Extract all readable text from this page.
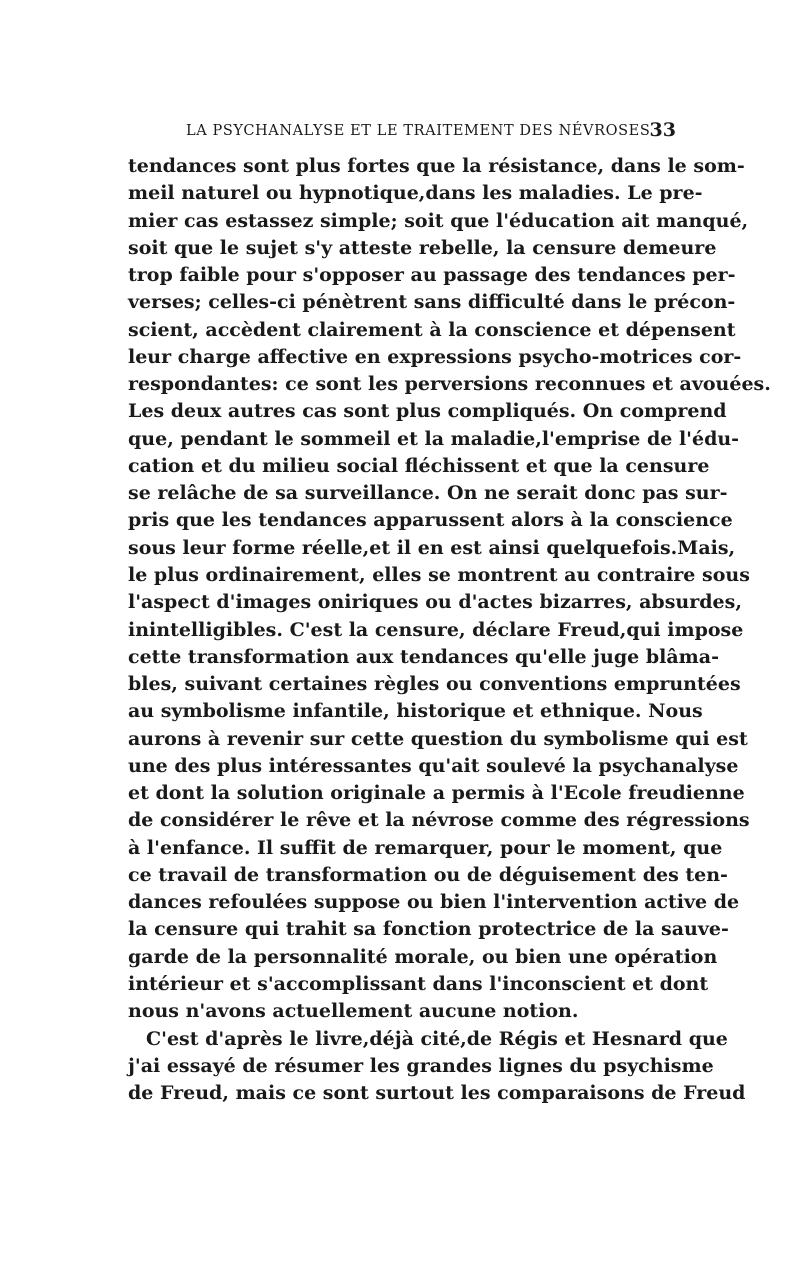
LA PSYCHANALYSE ET LE TRAITEMENT DES NÉVROSES 33
tendances sont plus fortes que la résistance, dans le som-
meil naturel ou hypnotique,dans les maladies. Le pre-
mier cas estassez simple; soit que l'éducation ait manqué,
soit que le sujet s'y atteste rebelle, la censure demeure
trop faible pour s'opposer au passage des tendances per-
verses; celles-ci pénètrent sans difficulté dans le précon-
scient, accèdent clairement à la conscience et dépensent
leur charge affective en expressions psycho-motrices cor-
respondantes: ce sont les perversions reconnues et avouées.
Les deux autres cas sont plus compliqués. On comprend
que, pendant le sommeil et la maladie,l'emprise de l'édu-
cation et du milieu social fléchissent et que la censure
se relâche de sa surveillance. On ne serait donc pas sur-
pris que les tendances apparussent alors à la conscience
sous leur forme réelle,et il en est ainsi quelquefois.Mais,
le plus ordinairement, elles se montrent au contraire sous
l'aspect d'images oniriques ou d'actes bizarres, absurdes,
inintelligibles. C'est la censure, déclare Freud,qui impose
cette transformation aux tendances qu'elle juge blâma-
bles, suivant certaines règles ou conventions empruntées
au symbolisme infantile, historique et ethnique. Nous
aurons à revenir sur cette question du symbolisme qui est
une des plus intéressantes qu'ait soulevé la psychanalyse
et dont la solution originale a permis à l'Ecole freudienne
de considérer le rêve et la névrose comme des régressions
à l'enfance. Il suffit de remarquer, pour le moment, que
ce travail de transformation ou de déguisement des ten-
dances refoulées suppose ou bien l'intervention active de
la censure qui trahit sa fonction protectrice de la sauve-
garde de la personnalité morale, ou bien une opération
intérieur et s'accomplissant dans l'inconscient et dont
nous n'avons actuellement aucune notion.
C'est d'après le livre,déjà cité,de Régis et Hesnard que
j'ai essayé de résumer les grandes lignes du psychisme
de Freud, mais ce sont surtout les comparaisons de Freud
